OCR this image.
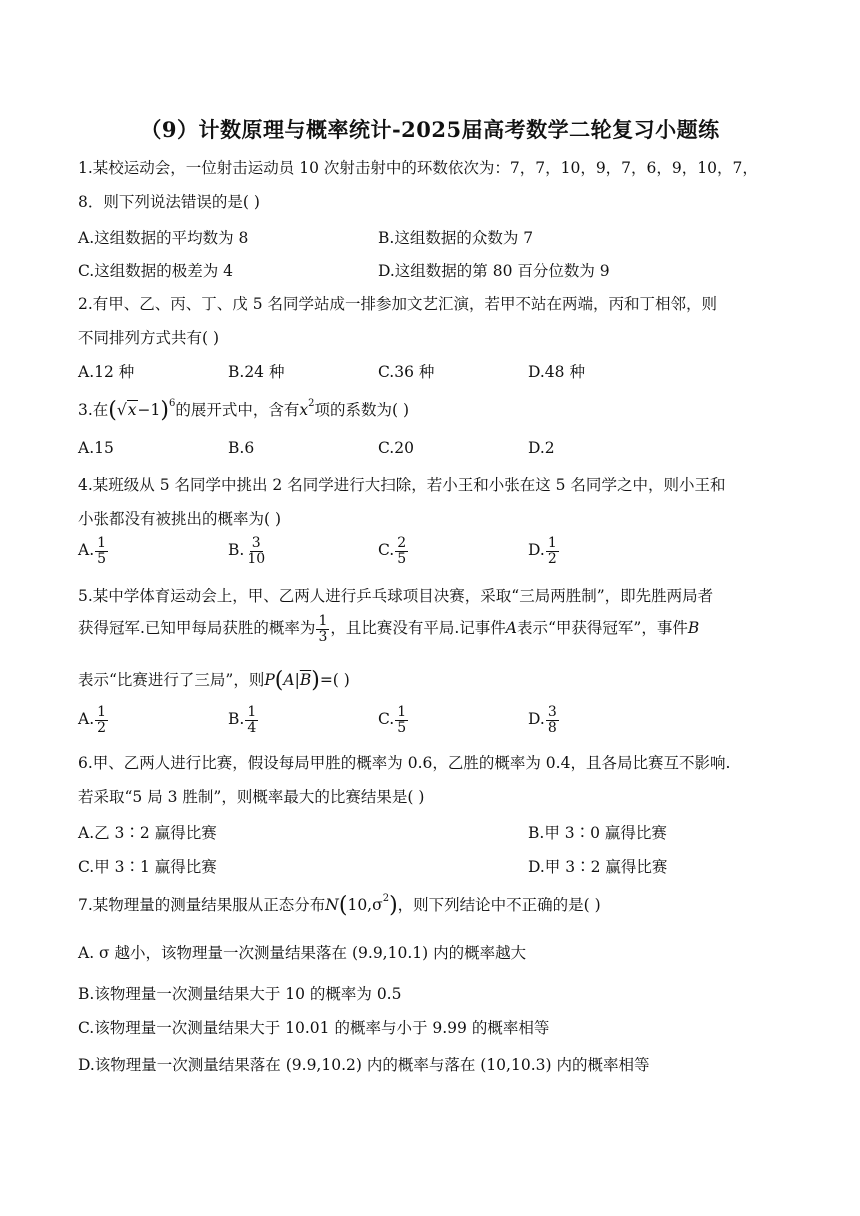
（9）计数原理与概率统计-2025届高考数学二轮复习小题练
1.某校运动会，一位射击运动员 10 次射击射中的环数依次为：7，7，10，9，7，6，9，10，7，
8．则下列说法错误的是( )
A.这组数据的平均数为 8	B.这组数据的众数为 7
C.这组数据的极差为 4	D.这组数据的第 80 百分位数为 9
2.有甲、乙、丙、丁、戊 5 名同学站成一排参加文艺汇演，若甲不站在两端，丙和丁相邻，则
不同排列方式共有( )
A.12 种	B.24 种	C.36 种	D.48 种
3.在$(√x-1)^6$的展开式中，含有$x^2$项的系数为( )
A.15	B.6	C.20	D.2
4.某班级从 5 名同学中挑出 2 名同学进行大扫除，若小王和小张在这 5 名同学之中，则小王和
小张都没有被挑出的概率为( )
A. $\frac{1}{5}$	B. $\frac{3}{10}$	C. $\frac{2}{5}$	D. $\frac{1}{2}$
5.某中学体育运动会上，甲、乙两人进行乒乓球项目决赛，采取“三局两胜制”，即先胜两局者
获得冠军.已知甲每局获胜的概率为 $\frac{1}{3}$ ，且比赛没有平局.记事件A表示“甲获得冠军”，事件B
表示“比赛进行了三局”，则$P(A|\overline{B})=$( )
A. $\frac{1}{2}$	B. $\frac{1}{4}$	C. $\frac{1}{5}$	D. $\frac{3}{8}$
6.甲、乙两人进行比赛，假设每局甲胜的概率为 0.6，乙胜的概率为 0.4，且各局比赛互不影响.
若采取“5 局 3 胜制”，则概率最大的比赛结果是( )
A.乙 3∶2 赢得比赛	B.甲 3∶0 赢得比赛
C.甲 3∶1 赢得比赛	D.甲 3∶2 赢得比赛
7.某物理量的测量结果服从正态分布$N(10,\sigma^2)$，则下列结论中不正确的是( )
A. σ 越小，该物理量一次测量结果落在 (9.9,10.1) 内的概率越大
B.该物理量一次测量结果大于 10 的概率为 0.5
C.该物理量一次测量结果大于 10.01 的概率与小于 9.99 的概率相等
D.该物理量一次测量结果落在 (9.9,10.2) 内的概率与落在 (10,10.3) 内的概率相等
